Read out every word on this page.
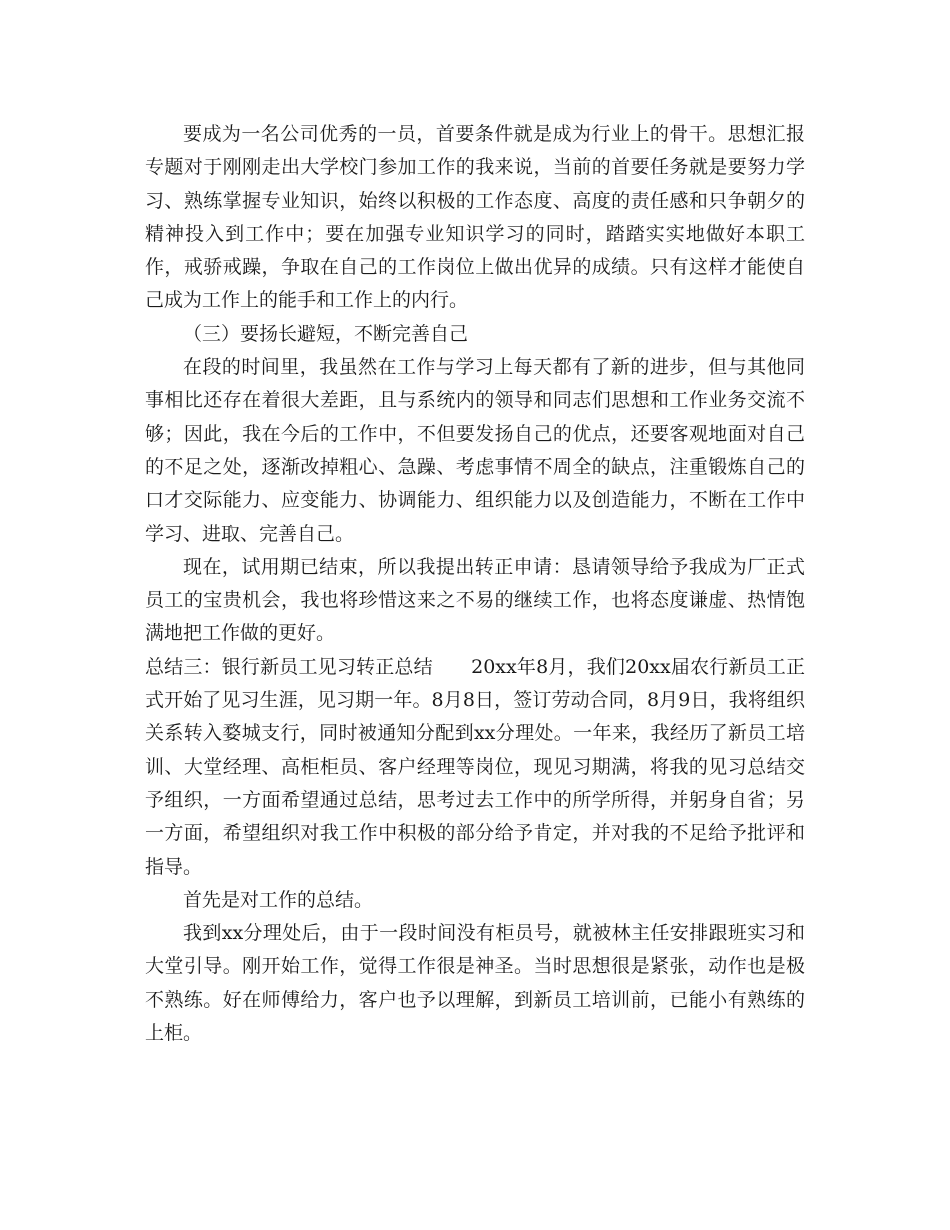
要成为一名公司优秀的一员，首要条件就是成为行业上的骨干。思想汇报专题对于刚刚走出大学校门参加工作的我来说，当前的首要任务就是要努力学习、熟练掌握专业知识，始终以积极的工作态度、高度的责任感和只争朝夕的精神投入到工作中；要在加强专业知识学习的同时，踏踏实实地做好本职工作，戒骄戒躁，争取在自己的工作岗位上做出优异的成绩。只有这样才能使自己成为工作上的能手和工作上的内行。

（三）要扬长避短，不断完善自己

在段的时间里，我虽然在工作与学习上每天都有了新的进步，但与其他同事相比还存在着很大差距，且与系统内的领导和同志们思想和工作业务交流不够；因此，我在今后的工作中，不但要发扬自己的优点，还要客观地面对自己的不足之处，逐渐改掉粗心、急躁、考虑事情不周全的缺点，注重锻炼自己的口才交际能力、应变能力、协调能力、组织能力以及创造能力，不断在工作中学习、进取、完善自己。

现在，试用期已结束，所以我提出转正申请：恳请领导给予我成为厂正式员工的宝贵机会，我也将珍惜这来之不易的继续工作，也将态度谦虚、热情饱满地把工作做的更好。

总结三：银行新员工见习转正总结　　20xx年8月，我们20xx届农行新员工正式开始了见习生涯，见习期一年。8月8日，签订劳动合同，8月9日，我将组织关系转入婺城支行，同时被通知分配到xx分理处。一年来，我经历了新员工培训、大堂经理、高柜柜员、客户经理等岗位，现见习期满，将我的见习总结交予组织，一方面希望通过总结，思考过去工作中的所学所得，并躬身自省；另一方面，希望组织对我工作中积极的部分给予肯定，并对我的不足给予批评和指导。

首先是对工作的总结。

我到xx分理处后，由于一段时间没有柜员号，就被林主任安排跟班实习和大堂引导。刚开始工作，觉得工作很是神圣。当时思想很是紧张，动作也是极不熟练。好在师傅给力，客户也予以理解，到新员工培训前，已能小有熟练的上柜。
